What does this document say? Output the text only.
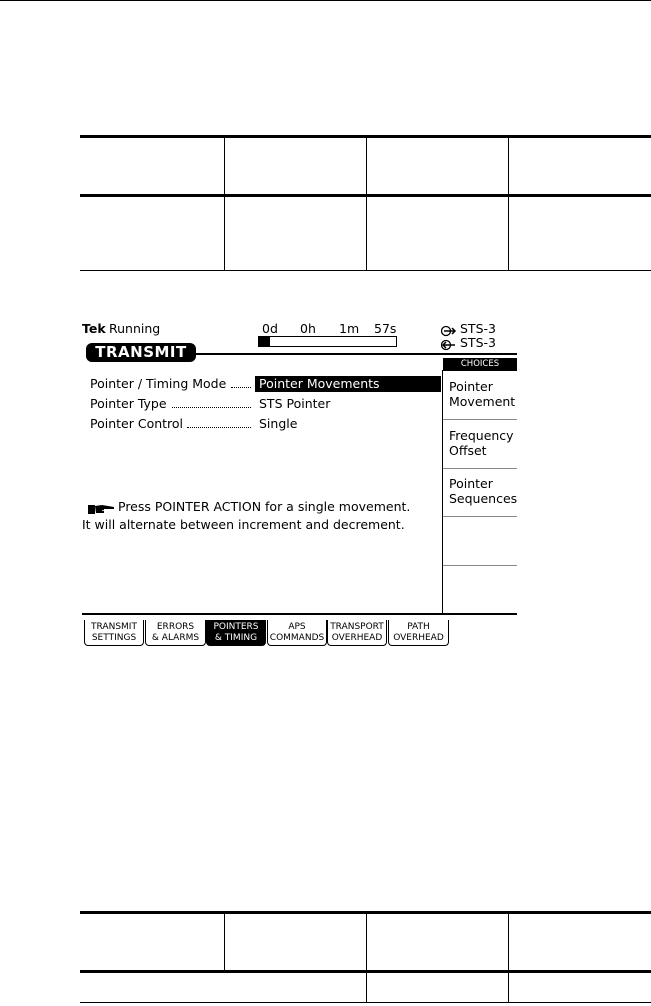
Tek Running	0d 0h 1m 57s	STS-3
STS-3
TRANSMIT
Pointer / Timing Mode	Pointer Movements
Pointer Type	STS Pointer
Pointer Control	Single
Press POINTER ACTION for a single movement.
It will alternate between increment and decrement.
CHOICES
Pointer
Movement
Frequency
Offset
Pointer
Sequences
TRANSMIT
SETTINGS
ERRORS
& ALARMS
POINTERS
& TIMING
APS
COMMANDS
TRANSPORT
OVERHEAD
PATH
OVERHEAD
